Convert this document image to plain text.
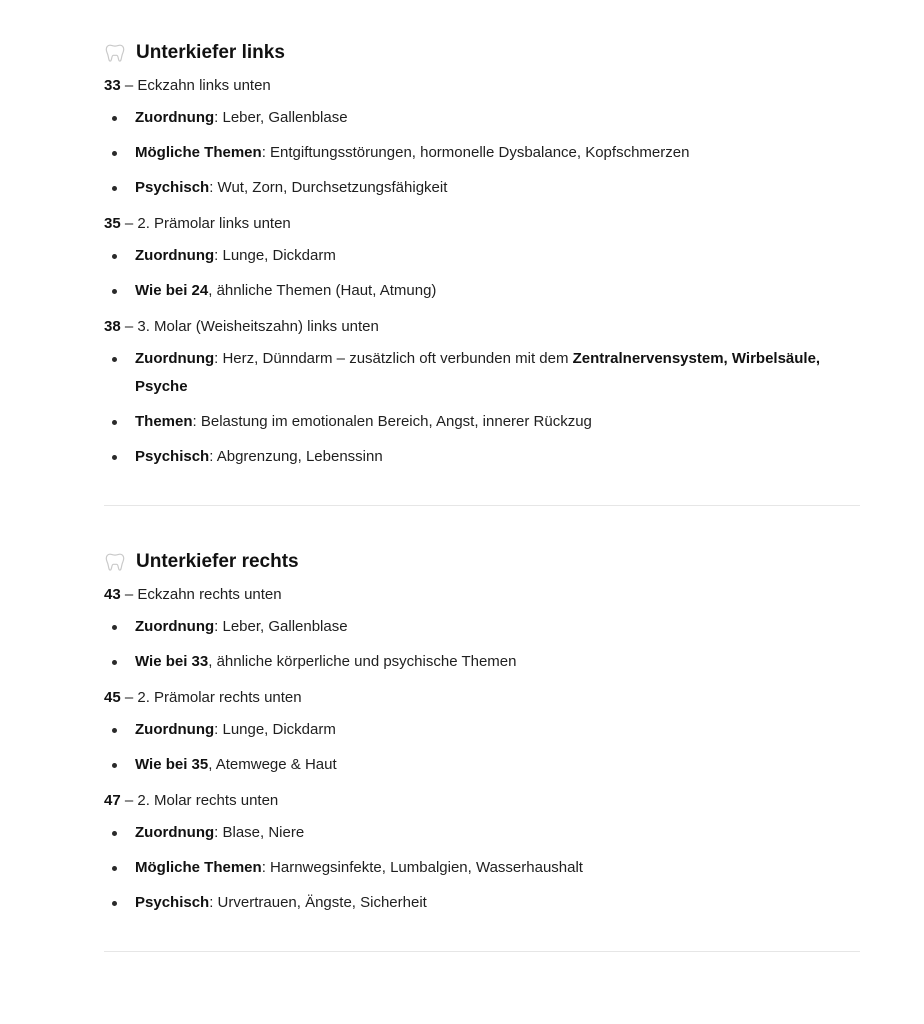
Unterkiefer links

33 – Eckzahn links unten

Zuordnung: Leber, Gallenblase
Mögliche Themen: Entgiftungsstörungen, hormonelle Dysbalance, Kopfschmerzen
Psychisch: Wut, Zorn, Durchsetzungsfähigkeit

35 – 2. Prämolar links unten

Zuordnung: Lunge, Dickdarm
Wie bei 24, ähnliche Themen (Haut, Atmung)

38 – 3. Molar (Weisheitszahn) links unten

Zuordnung: Herz, Dünndarm – zusätzlich oft verbunden mit dem Zentralnervensystem, Wirbelsäule, Psyche
Themen: Belastung im emotionalen Bereich, Angst, innerer Rückzug
Psychisch: Abgrenzung, Lebenssinn
Unterkiefer rechts

43 – Eckzahn rechts unten

Zuordnung: Leber, Gallenblase
Wie bei 33, ähnliche körperliche und psychische Themen

45 – 2. Prämolar rechts unten

Zuordnung: Lunge, Dickdarm
Wie bei 35, Atemwege & Haut

47 – 2. Molar rechts unten

Zuordnung: Blase, Niere
Mögliche Themen: Harnwegsinfekte, Lumbalgien, Wasserhaushalt
Psychisch: Urvertrauen, Ängste, Sicherheit
